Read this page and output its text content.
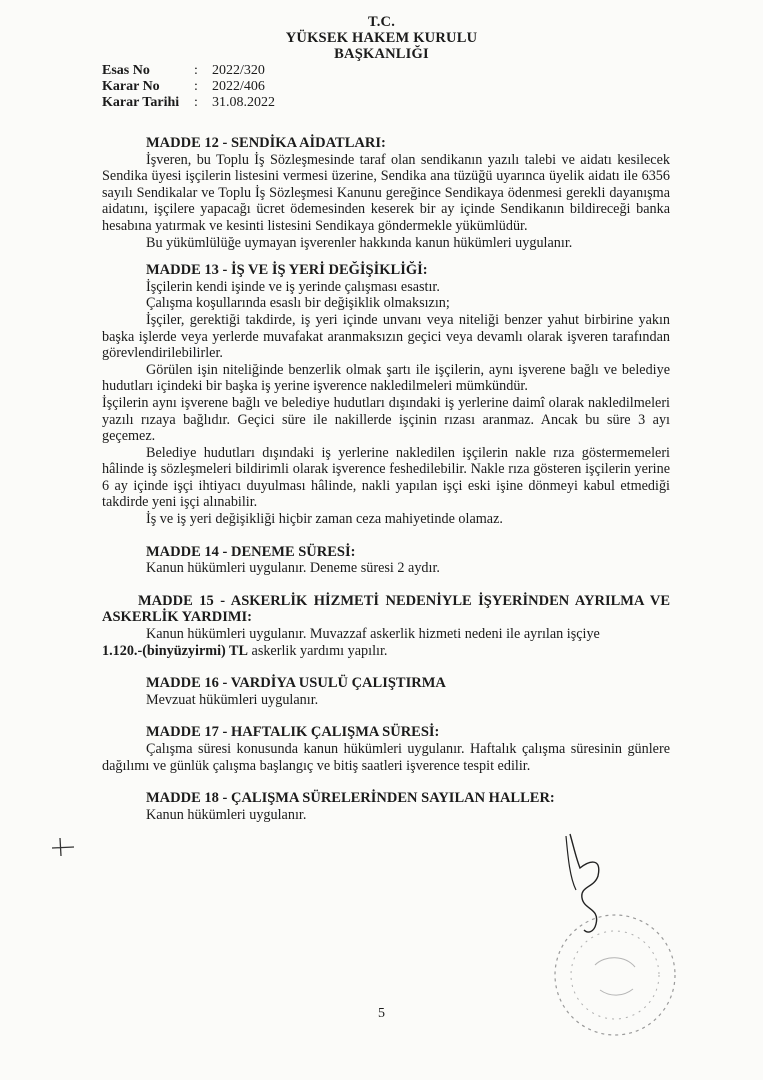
T.C.
YÜKSEK HAKEM KURULU
BAŞKANLIĞI
Esas No	:	2022/320
Karar No	:	2022/406
Karar Tarihi	:	31.08.2022
MADDE 12 - SENDİKA AİDATLARI:

İşveren, bu Toplu İş Sözleşmesinde taraf olan sendikanın yazılı talebi ve aidatı kesilecek Sendika üyesi işçilerin listesini vermesi üzerine, Sendika ana tüzüğü uyarınca üyelik aidatı ile 6356 sayılı Sendikalar ve Toplu İş Sözleşmesi Kanunu gereğince Sendikaya ödenmesi gerekli dayanışma aidatını, işçilere yapacağı ücret ödemesinden keserek bir ay içinde Sendikanın bildireceği banka hesabına yatırmak ve kesinti listesini Sendikaya göndermekle yükümlüdür.

Bu yükümlülüğe uymayan işverenler hakkında kanun hükümleri uygulanır.

MADDE 13 - İŞ VE İŞ YERİ DEĞİŞİKLİĞİ:

İşçilerin kendi işinde ve iş yerinde çalışması esastır.

Çalışma koşullarında esaslı bir değişiklik olmaksızın;

İşçiler, gerektiği takdirde, iş yeri içinde unvanı veya niteliği benzer yahut birbirine yakın başka işlerde veya yerlerde muvafakat aranmaksızın geçici veya devamlı olarak işveren tarafından görevlendirilebilirler.

Görülen işin niteliğinde benzerlik olmak şartı ile işçilerin, aynı işverene bağlı ve belediye hudutları içindeki bir başka iş yerine işverence nakledilmeleri mümkündür.

İşçilerin aynı işverene bağlı ve belediye hudutları dışındaki iş yerlerine daimî olarak nakledilmeleri yazılı rızaya bağlıdır. Geçici süre ile nakillerde işçinin rızası aranmaz. Ancak bu süre 3 ayı geçemez.

Belediye hudutları dışındaki iş yerlerine nakledilen işçilerin nakle rıza göstermemeleri hâlinde iş sözleşmeleri bildirimli olarak işverence feshedilebilir. Nakle rıza gösteren işçilerin yerine 6 ay içinde işçi ihtiyacı duyulması hâlinde, nakli yapılan işçi eski işine dönmeyi kabul etmediği takdirde yeni işçi alınabilir.

İş ve iş yeri değişikliği hiçbir zaman ceza mahiyetinde olamaz.

MADDE 14 - DENEME SÜRESİ:

Kanun hükümleri uygulanır. Deneme süresi 2 aydır.

MADDE 15 - ASKERLİK HİZMETİ NEDENİYLE İŞYERİNDEN AYRILMA VE ASKERLİK YARDIMI:

Kanun hükümleri uygulanır. Muvazzaf askerlik hizmeti nedeni ile ayrılan işçiye

1.120.-(binyüzyirmi) TL askerlik yardımı yapılır.

MADDE 16 - VARDİYA USULÜ ÇALIŞTIRMA

Mevzuat hükümleri uygulanır.

MADDE 17 - HAFTALIK ÇALIŞMA SÜRESİ:

Çalışma süresi konusunda kanun hükümleri uygulanır. Haftalık çalışma süresinin günlere dağılımı ve günlük çalışma başlangıç ve bitiş saatleri işverence tespit edilir.

MADDE 18 - ÇALIŞMA SÜRELERİNDEN SAYILAN HALLER:

Kanun hükümleri uygulanır.

5
